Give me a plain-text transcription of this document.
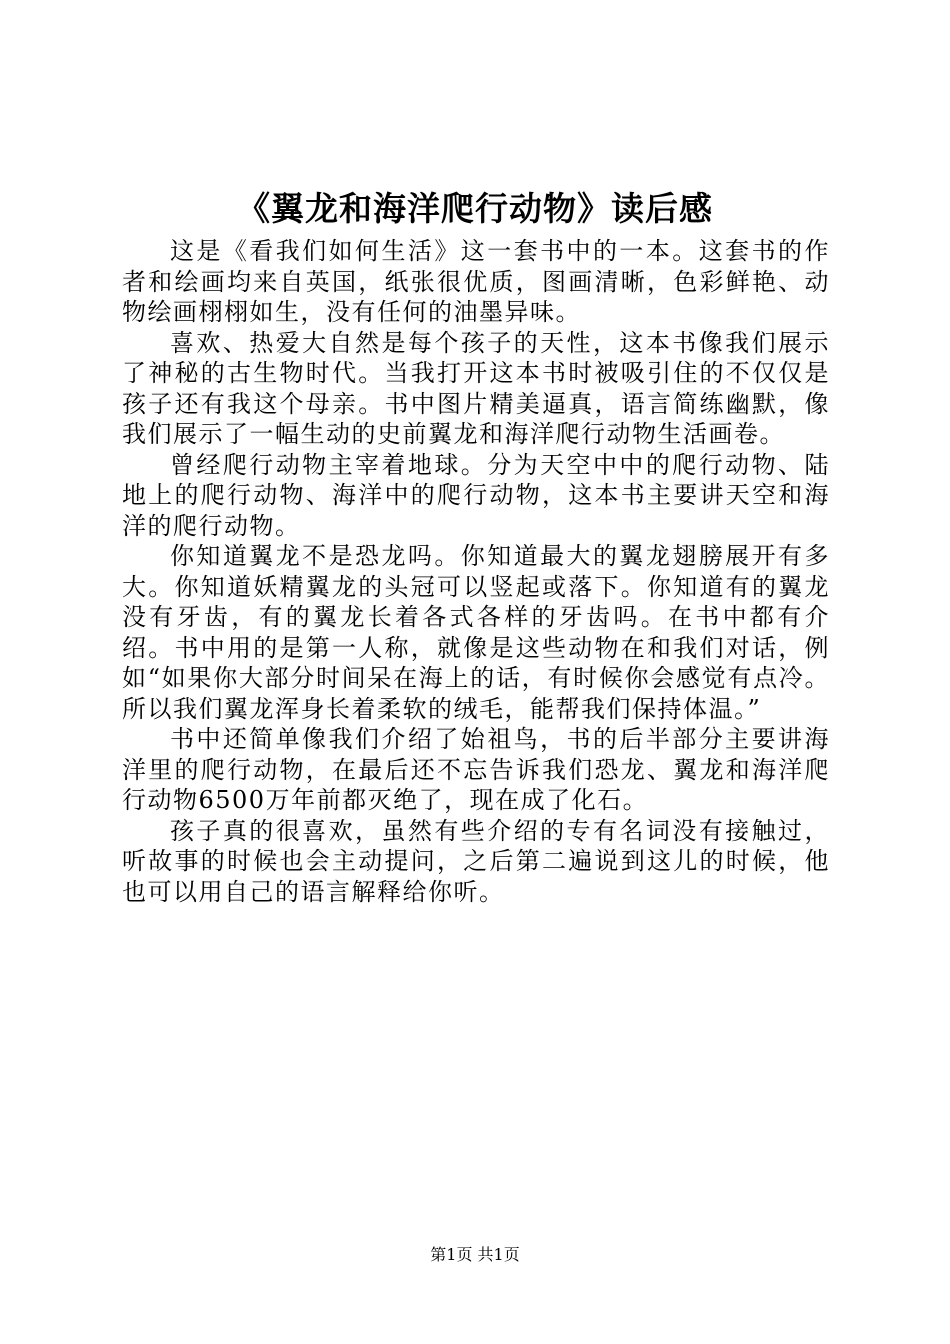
《翼龙和海洋爬行动物》读后感

这是《看我们如何生活》这一套书中的一本。这套书的作者和绘画均来自英国，纸张很优质，图画清晰，色彩鲜艳、动物绘画栩栩如生，没有任何的油墨异味。

喜欢、热爱大自然是每个孩子的天性，这本书像我们展示了神秘的古生物时代。当我打开这本书时被吸引住的不仅仅是孩子还有我这个母亲。书中图片精美逼真，语言简练幽默，像我们展示了一幅生动的史前翼龙和海洋爬行动物生活画卷。

曾经爬行动物主宰着地球。分为天空中中的爬行动物、陆地上的爬行动物、海洋中的爬行动物，这本书主要讲天空和海洋的爬行动物。

你知道翼龙不是恐龙吗。你知道最大的翼龙翅膀展开有多大。你知道妖精翼龙的头冠可以竖起或落下。你知道有的翼龙没有牙齿，有的翼龙长着各式各样的牙齿吗。在书中都有介绍。书中用的是第一人称，就像是这些动物在和我们对话，例如“如果你大部分时间呆在海上的话，有时候你会感觉有点冷。所以我们翼龙浑身长着柔软的绒毛，能帮我们保持体温。”

书中还简单像我们介绍了始祖鸟，书的后半部分主要讲海洋里的爬行动物，在最后还不忘告诉我们恐龙、翼龙和海洋爬行动物6500万年前都灭绝了，现在成了化石。

孩子真的很喜欢，虽然有些介绍的专有名词没有接触过，听故事的时候也会主动提问，之后第二遍说到这儿的时候，他也可以用自己的语言解释给你听。

第1页 共1页
